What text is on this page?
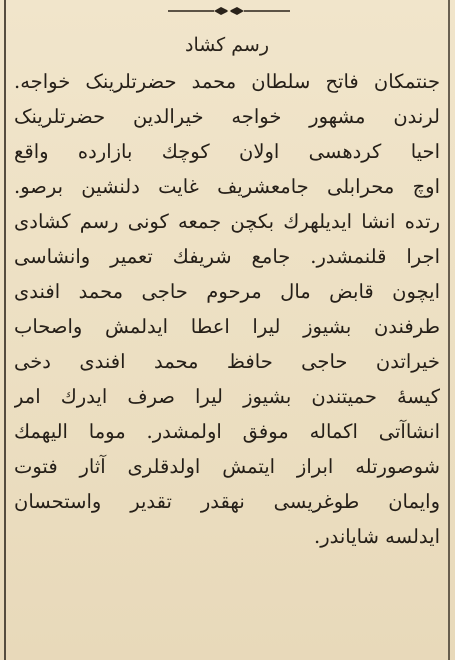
رسم کشاد
جنتمکان فاتح سلطان محمد حضرتلرینک خواجه.
لرندن مشهور خواجه خیرالدین حضرتلرینک
احیا کردهسی اولان کوچك بازارده واقع
اوچ محرابلی جامعشریف غایت دلنشین برصو.
رتده انشا ایدیلهرك بکچن جمعه کونی رسم کشادی
اجرا قلنمشدر. جامع شریفك تعمیر وانشاسی
ایچون قابض مال مرحوم حاجی محمد افندی
طرفندن بشیوز لیرا اعطا ایدلمش واصحاب
خیراتدن حاجی حافظ محمد افندی دخی
کیسهٔ حمیتندن بشیوز لیرا صرف ایدرك امر
انشاآتی اکماله موفق اولمشدر. موما الیهمك
شوصورتله ابراز ایتمش اولدقلری آثار فتوت
وایمان طوغریسی نهقدر تقدیر واستحسان
ایدلسه شایاندر.
